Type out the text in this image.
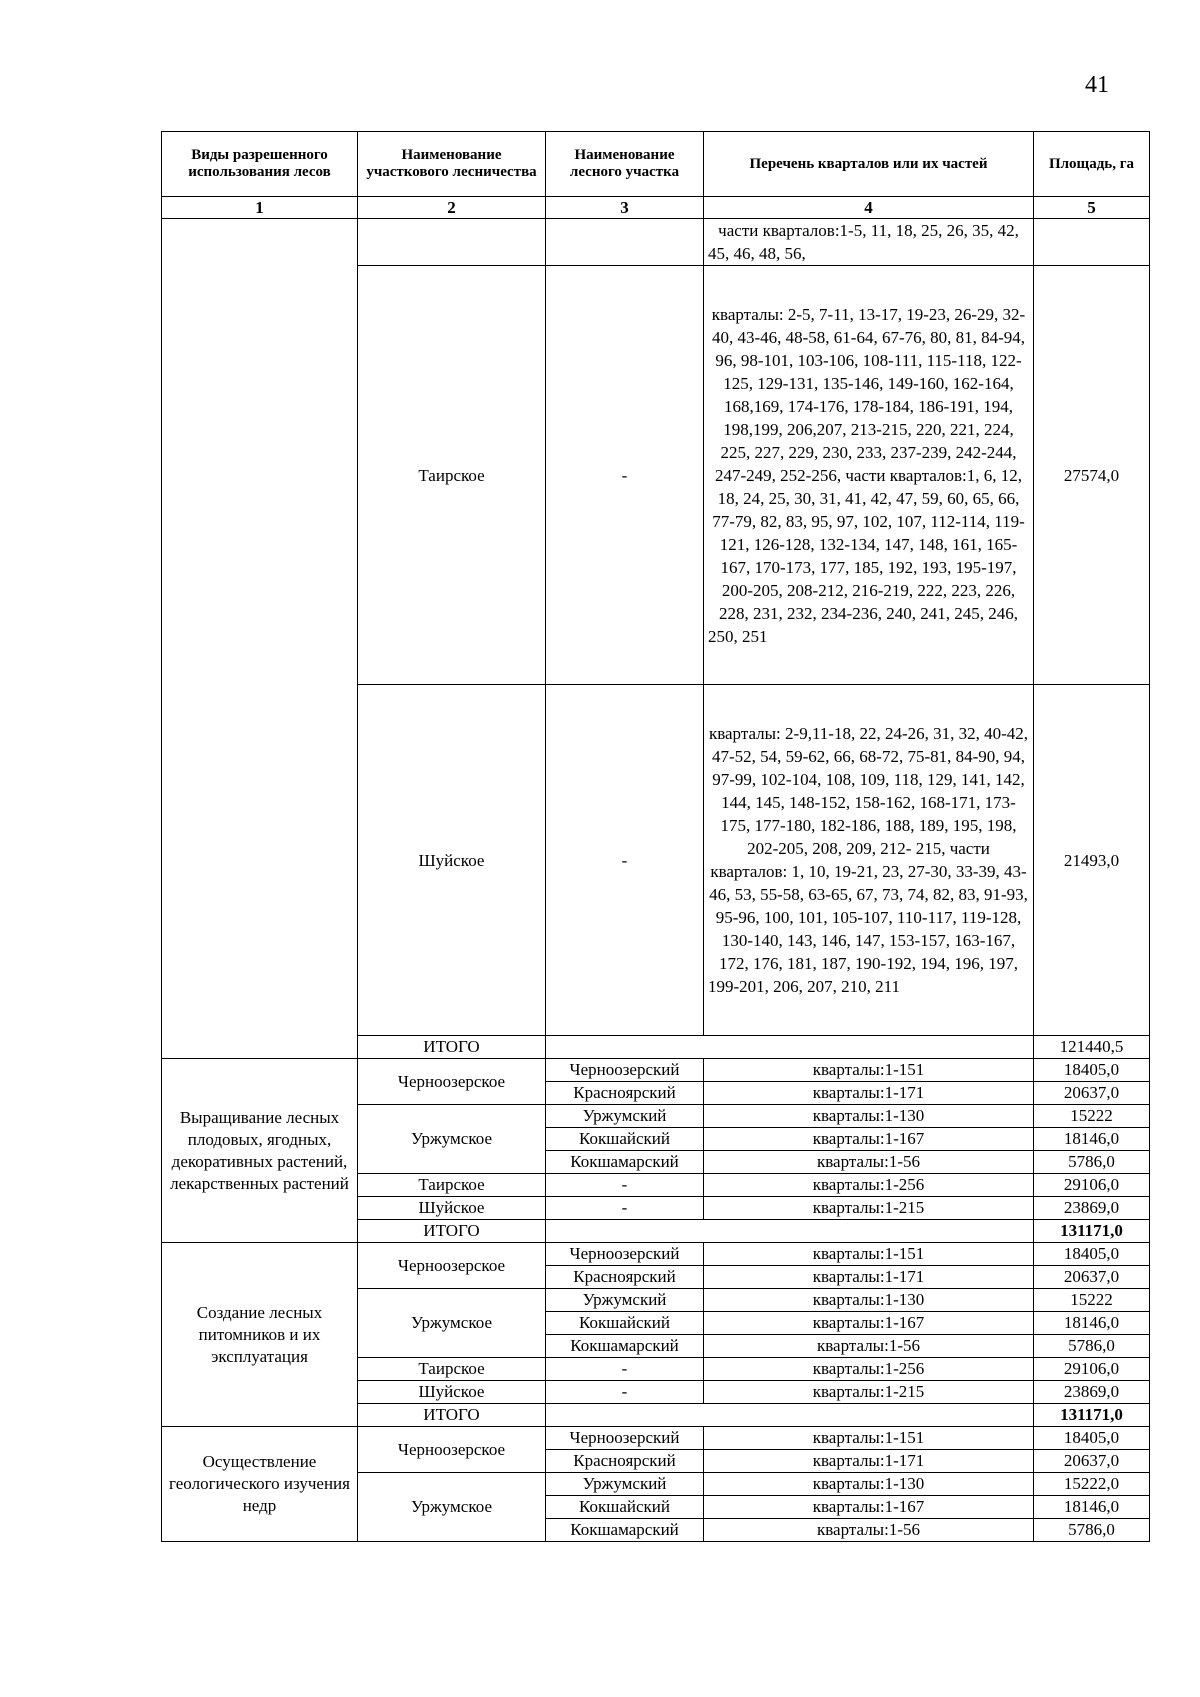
41
Виды разрешенного использования лесов	Наименование участкового лесничества	Наименование лесного участка	Перечень кварталов или их частей	Площадь, га
1	2	3	4	5
			части кварталов:1-5, 11, 18, 25, 26, 35, 42, 45, 46, 48, 56,	
	Таирское	-	кварталы: 2-5, 7-11, 13-17, 19-23, 26-29, 32-40, 43-46, 48-58, 61-64, 67-76, 80, 81, 84-94, 96, 98-101, 103-106, 108-111, 115-118, 122-125, 129-131, 135-146, 149-160, 162-164, 168,169, 174-176, 178-184, 186-191, 194, 198,199, 206,207, 213-215, 220, 221, 224, 225, 227, 229, 230, 233, 237-239, 242-244, 247-249, 252-256, части кварталов:1, 6, 12, 18, 24, 25, 30, 31, 41, 42, 47, 59, 60, 65, 66, 77-79, 82, 83, 95, 97, 102, 107, 112-114, 119-121, 126-128, 132-134, 147, 148, 161, 165-167, 170-173, 177, 185, 192, 193, 195-197, 200-205, 208-212, 216-219, 222, 223, 226, 228, 231, 232, 234-236, 240, 241, 245, 246, 250, 251	27574,0
	Шуйское	-	кварталы: 2-9,11-18, 22, 24-26, 31, 32, 40-42, 47-52, 54, 59-62, 66, 68-72, 75-81, 84-90, 94, 97-99, 102-104, 108, 109, 118, 129, 141, 142, 144, 145, 148-152, 158-162, 168-171, 173-175, 177-180, 182-186, 188, 189, 195, 198, 202-205, 208, 209, 212- 215, части кварталов: 1, 10, 19-21, 23, 27-30, 33-39, 43-46, 53, 55-58, 63-65, 67, 73, 74, 82, 83, 91-93, 95-96, 100, 101, 105-107, 110-117, 119-128, 130-140, 143, 146, 147, 153-157, 163-167, 172, 176, 181, 187, 190-192, 194, 196, 197, 199-201, 206, 207, 210, 211	21493,0
	ИТОГО			121440,5
Выращивание лесных плодовых, ягодных, декоративных растений, лекарственных растений	Черноозерское	Черноозерский	кварталы:1-151	18405,0
		Красноярский	кварталы:1-171	20637,0
	Уржумское	Уржумский	кварталы:1-130	15222
		Кокшайский	кварталы:1-167	18146,0
		Кокшамарский	кварталы:1-56	5786,0
	Таирское	-	кварталы:1-256	29106,0
	Шуйское	-	кварталы:1-215	23869,0
	ИТОГО			131171,0
Создание лесных питомников и их эксплуатация	Черноозерское	Черноозерский	кварталы:1-151	18405,0
		Красноярский	кварталы:1-171	20637,0
	Уржумское	Уржумский	кварталы:1-130	15222
		Кокшайский	кварталы:1-167	18146,0
		Кокшамарский	кварталы:1-56	5786,0
	Таирское	-	кварталы:1-256	29106,0
	Шуйское	-	кварталы:1-215	23869,0
	ИТОГО			131171,0
Осуществление геологического изучения недр	Черноозерское	Черноозерский	кварталы:1-151	18405,0
		Красноярский	кварталы:1-171	20637,0
	Уржумское	Уржумский	кварталы:1-130	15222,0
		Кокшайский	кварталы:1-167	18146,0
		Кокшамарский	кварталы:1-56	5786,0
